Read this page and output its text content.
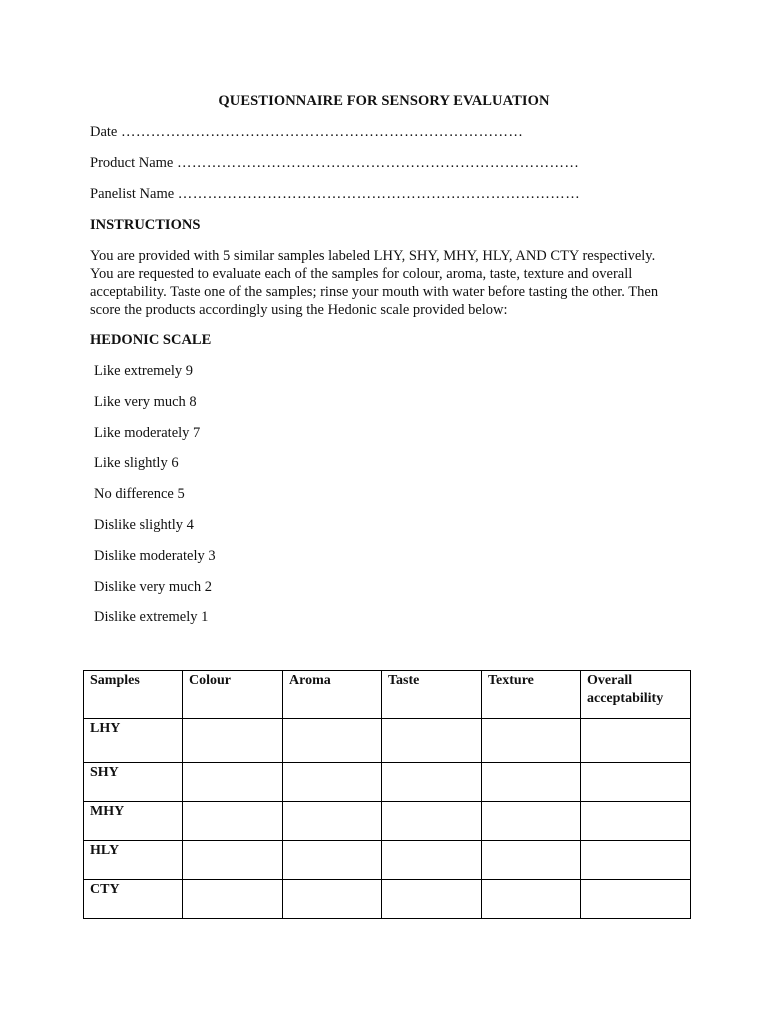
QUESTIONNAIRE FOR SENSORY EVALUATION
Date ………………………………………………………………………
Product Name ………………………………………………………………………
Panelist Name ………………………………………………………………………
INSTRUCTIONS
You are provided with 5 similar samples labeled LHY, SHY, MHY, HLY, AND CTY respectively. You are requested to evaluate each of the samples for colour, aroma, taste, texture and overall acceptability. Taste one of the samples; rinse your mouth with water before tasting the other. Then score the products accordingly using the Hedonic scale provided below:
HEDONIC SCALE
Like extremely 9
Like very much 8
Like moderately 7
Like slightly 6
No difference 5
Dislike slightly 4
Dislike moderately 3
Dislike very much 2
Dislike extremely 1
Samples	Colour	Aroma	Taste	Texture	Overall acceptability
LHY					
SHY					
MHY					
HLY					
CTY					
